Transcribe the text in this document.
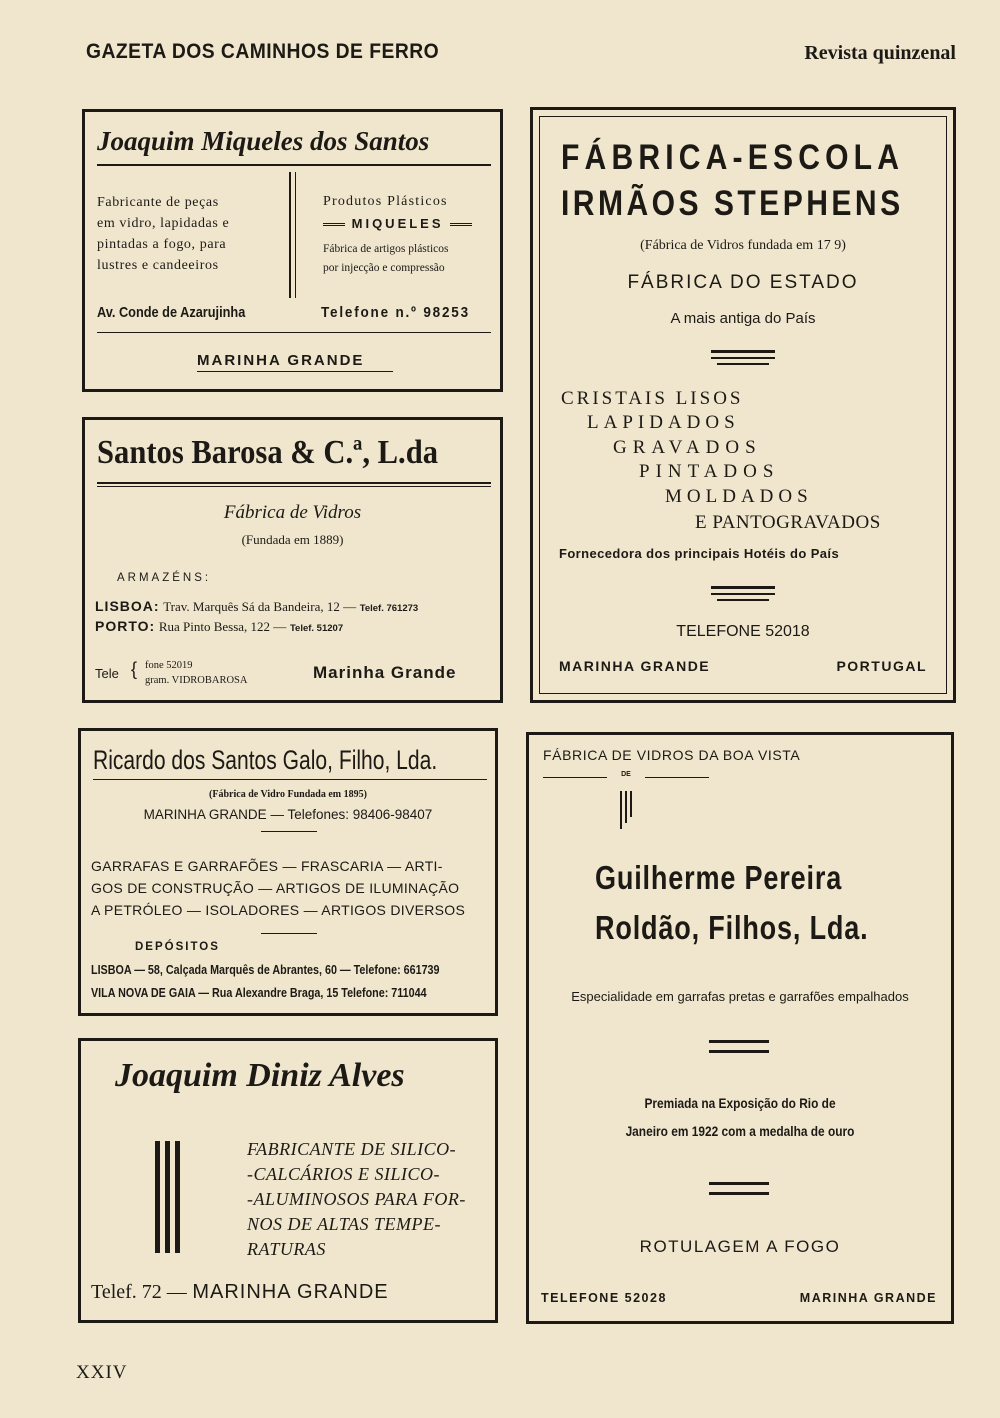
GAZETA DOS CAMINHOS DE FERRO	Revista quinzenal
Joaquim Miqueles dos Santos
Fabricante de peças
em vidro, lapidadas e
pintadas a fogo, para
lustres e candeeiros
Produtos Plásticos
MIQUELES
Fábrica de artigos plásticos
por injecção e compressão
Av. Conde de Azarujinha	Telefone n.º 98253
MARINHA GRANDE
Santos Barosa & C.ª, L.da
Fábrica de Vidros
(Fundada em 1889)
ARMAZÉNS:
LISBOA: Trav. Marquês Sá da Bandeira, 12 — Telef. 761273
PORTO: Rua Pinto Bessa, 122 — Telef. 51207
Tele { fone 52019
gram. VIDROBAROSA	Marinha Grande
Ricardo dos Santos Galo, Filho, Lda.
(Fábrica de Vidro Fundada em 1895)
MARINHA GRANDE — Telefones: 98406-98407
GARRAFAS E GARRAFÕES — FRASCARIA — ARTI-
GOS DE CONSTRUÇÃO — ARTIGOS DE ILUMINAÇÃO
A PETRÓLEO — ISOLADORES — ARTIGOS DIVERSOS
DEPÓSITOS
LISBOA — 58, Calçada Marquês de Abrantes, 60 — Telefone: 661739
VILA NOVA DE GAIA — Rua Alexandre Braga, 15 Telefone: 711044
Joaquim Diniz Alves
FABRICANTE DE SILICO-
-CALCÁRIOS E SILICO-
-ALUMINOSOS PARA FOR-
NOS DE ALTAS TEMPE-
RATURAS
Telef. 72 — MARINHA GRANDE
FÁBRICA-ESCOLA
IRMÃOS STEPHENS
(Fábrica de Vidros fundada em 17 9)
FÁBRICA DO ESTADO
A mais antiga do País
CRISTAIS LISOS
LAPIDADOS
GRAVADOS
PINTADOS
MOLDADOS
E PANTOGRAVADOS
Fornecedora dos principais Hotéis do País
TELEFONE 52018
MARINHA GRANDE	PORTUGAL
FÁBRICA DE VIDROS DA BOA VISTA
DE
Guilherme Pereira
Roldão, Filhos, Lda.
Especialidade em garrafas pretas e garrafões empalhados
Premiada na Exposição do Rio de
Janeiro em 1922 com a medalha de ouro
ROTULAGEM A FOGO
TELEFONE 52028	MARINHA GRANDE
XXIV
